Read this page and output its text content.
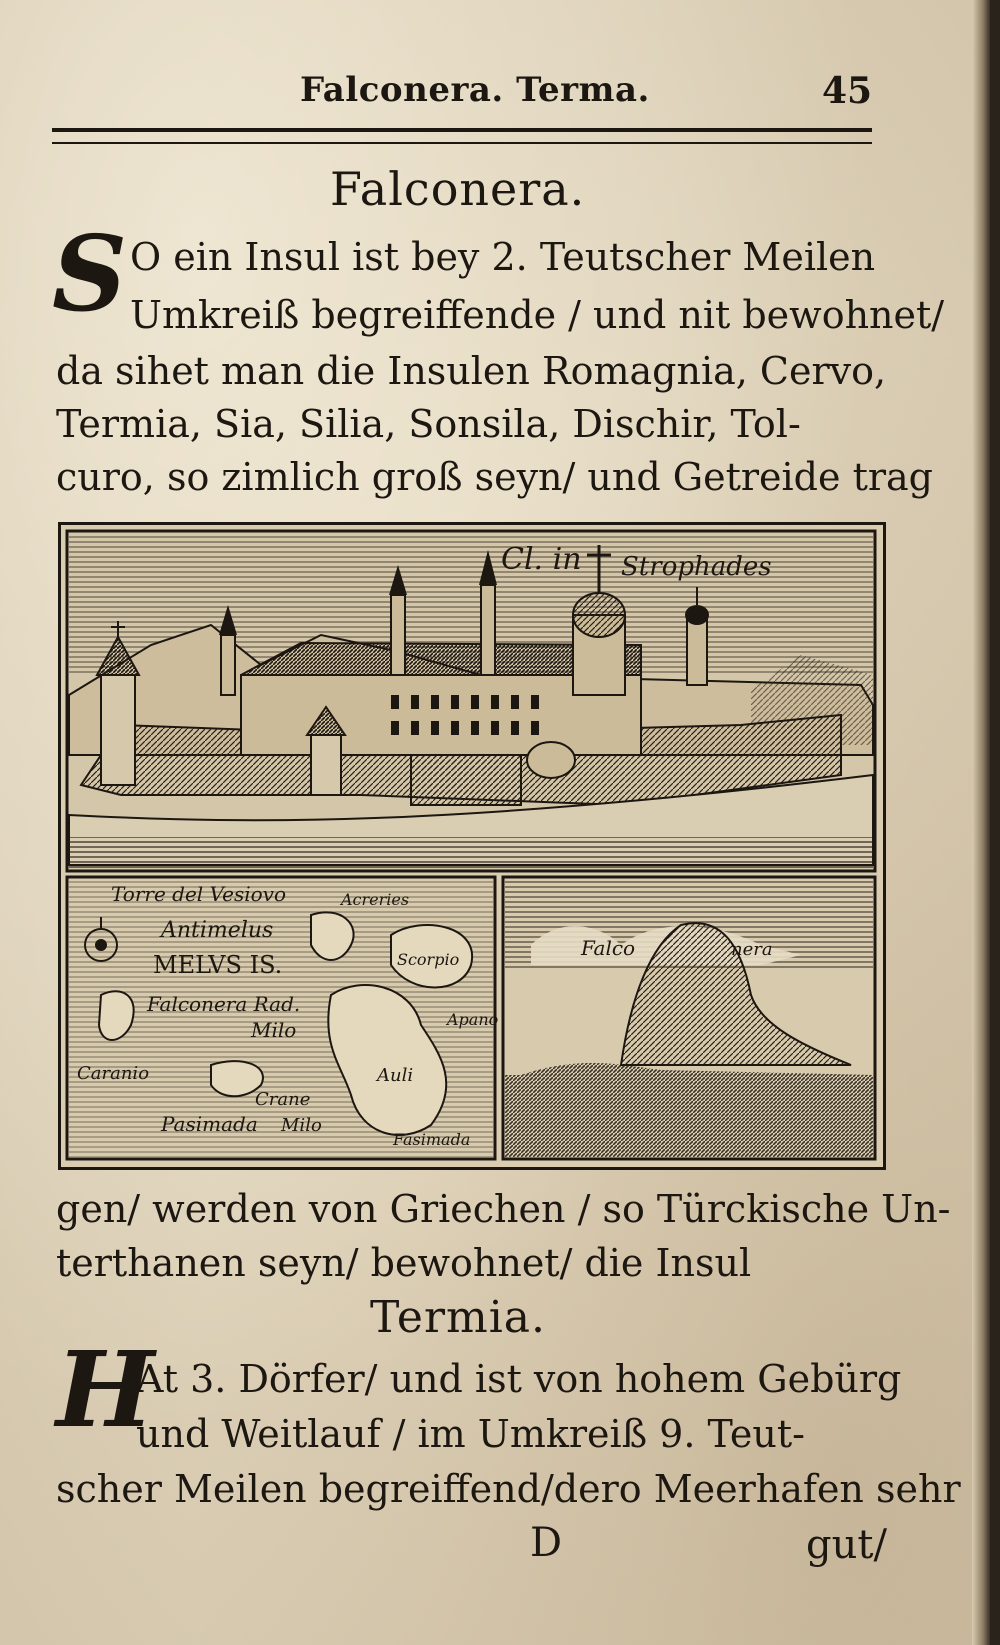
Falconera. Terma.	45
Falconera.
S O ein Insul ist bey 2. Teutscher Meilen
Umkreiß begreiffende / und nit bewohnet/
da sihet man die Insulen Romagnia, Cervo,
Termia, Sia, Silia, Sonsila, Dischir, Tol-
curo, so zimlich groß seyn/ und Getreide trag
Cl. in Strophades
Torre del Vesiovo
Antimelus
MELVS IS.
Falconera Rad.
Milo
Caranio
Pasimada
Crane
Milo
Apano
Auli
Fasimada
Scorpio
Acreries
Falco	nera
gen/ werden von Griechen / so Türckische Un-
terthanen seyn/ bewohnet/ die Insul
Termia.
H
At 3. Dörfer/ und ist von hohem Gebürg
und Weitlauf / im Umkreiß 9. Teut-
scher Meilen begreiffend/dero Meerhafen sehr
D	gut/
